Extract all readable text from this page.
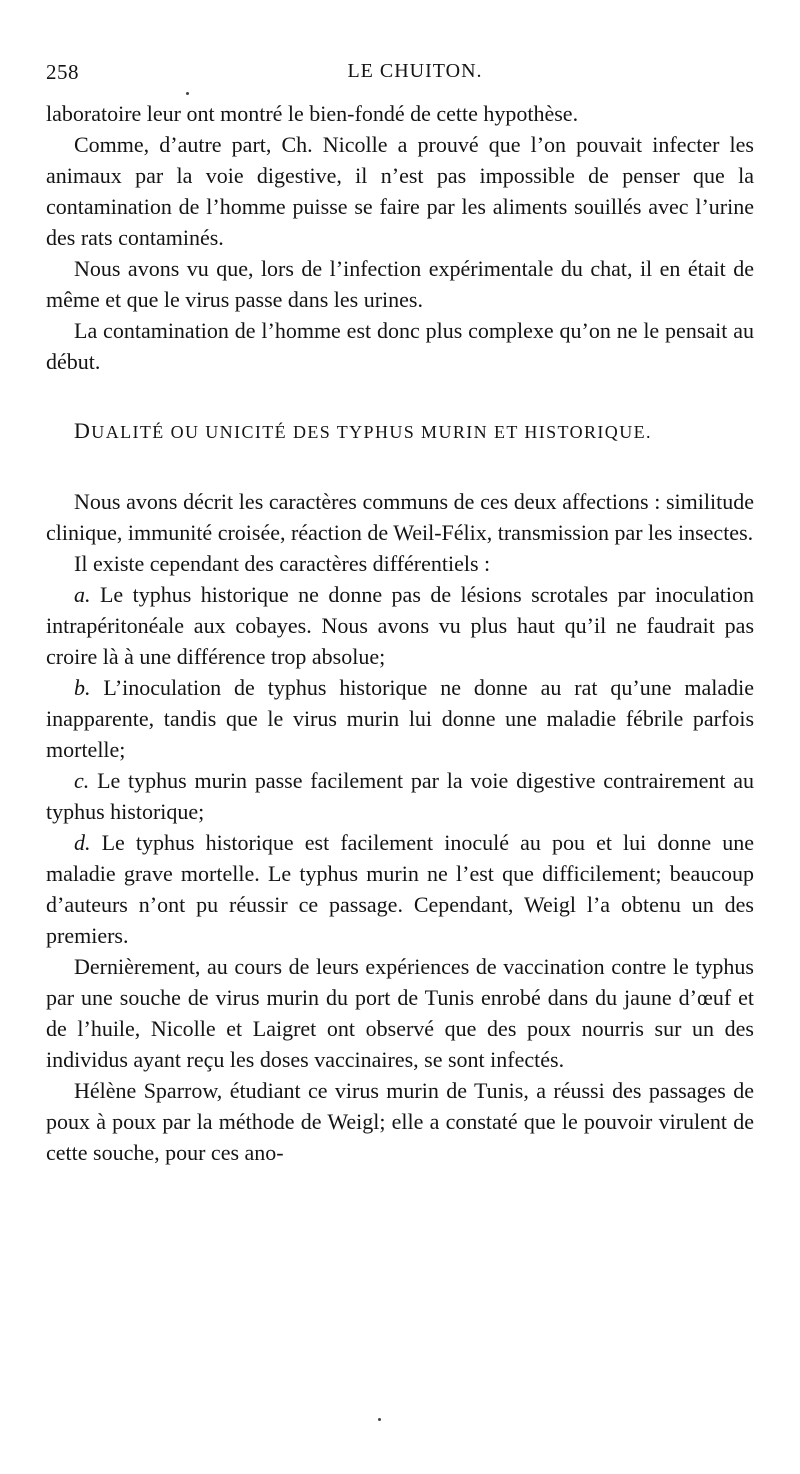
258	LE CHUITON.

laboratoire leur ont montré le bien-fondé de cette hypothèse.

Comme, d’autre part, Ch. Nicolle a prouvé que l’on pouvait infecter les animaux par la voie digestive, il n’est pas impossible de penser que la contamination de l’homme puisse se faire par les aliments souillés avec l’urine des rats contaminés.

Nous avons vu que, lors de l’infection expérimentale du chat, il en était de même et que le virus passe dans les urines.

La contamination de l’homme est donc plus complexe qu’on ne le pensait au début.

DUALITÉ OU UNICITÉ DES TYPHUS MURIN ET HISTORIQUE.

Nous avons décrit les caractères communs de ces deux affections : similitude clinique, immunité croisée, réaction de Weil-Félix, transmission par les insectes.

Il existe cependant des caractères différentiels :

a. Le typhus historique ne donne pas de lésions scrotales par inoculation intrapéritonéale aux cobayes. Nous avons vu plus haut qu’il ne faudrait pas croire là à une différence trop absolue;

b. L’inoculation de typhus historique ne donne au rat qu’une maladie inapparente, tandis que le virus murin lui donne une maladie fébrile parfois mortelle;

c. Le typhus murin passe facilement par la voie digestive contrairement au typhus historique;

d. Le typhus historique est facilement inoculé au pou et lui donne une maladie grave mortelle. Le typhus murin ne l’est que difficilement; beaucoup d’auteurs n’ont pu réussir ce passage. Cependant, Weigl l’a obtenu un des premiers.

Dernièrement, au cours de leurs expériences de vaccination contre le typhus par une souche de virus murin du port de Tunis enrobé dans du jaune d’œuf et de l’huile, Nicolle et Laigret ont observé que des poux nourris sur un des individus ayant reçu les doses vaccinaires, se sont infectés.

Hélène Sparrow, étudiant ce virus murin de Tunis, a réussi des passages de poux à poux par la méthode de Weigl; elle a constaté que le pouvoir virulent de cette souche, pour ces ano-
